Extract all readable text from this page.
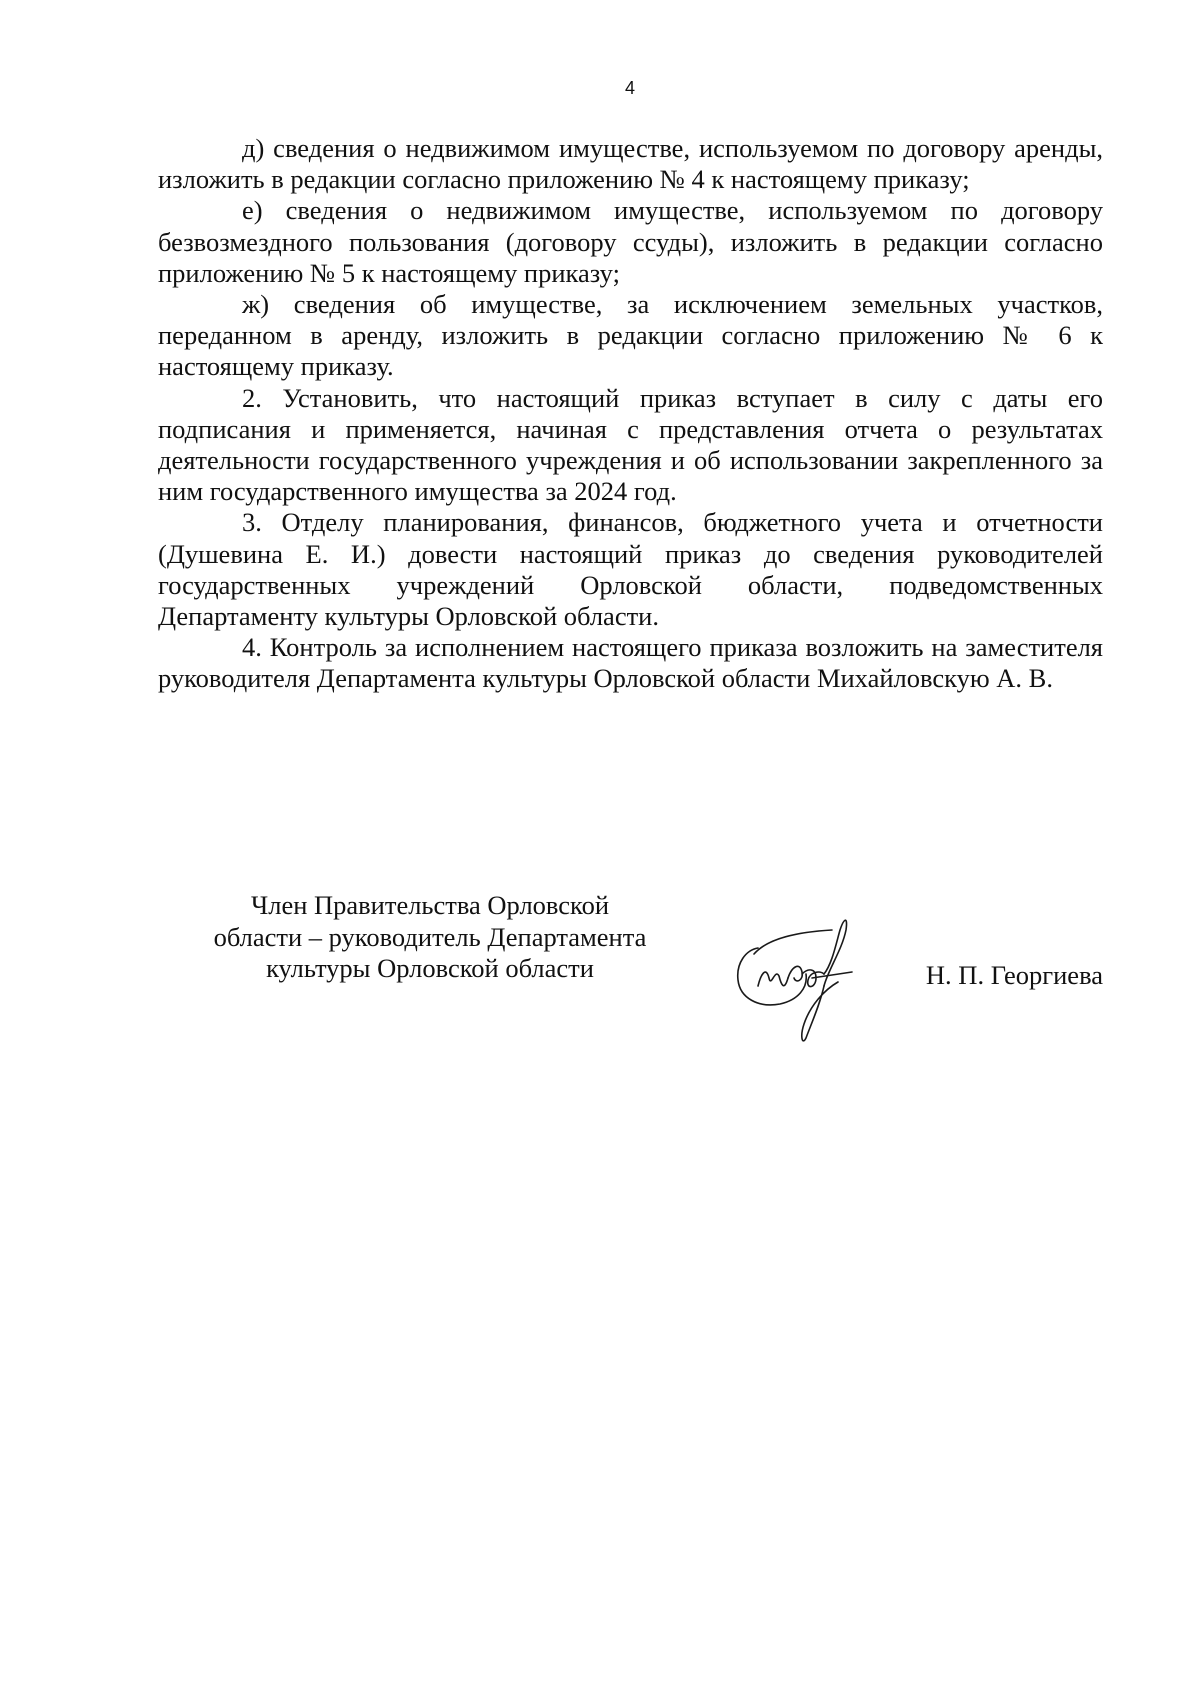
4

д) сведения о недвижимом имуществе, используемом по договору аренды, изложить в редакции согласно приложению № 4 к настоящему приказу;

е) сведения о недвижимом имуществе, используемом по договору безвозмездного пользования (договору ссуды), изложить в редакции согласно приложению № 5 к настоящему приказу;

ж) сведения об имуществе, за исключением земельных участков, переданном в аренду, изложить в редакции согласно приложению № 6 к настоящему приказу.

2. Установить, что настоящий приказ вступает в силу с даты его подписания и применяется, начиная с представления отчета о результатах деятельности государственного учреждения и об использовании закрепленного за ним государственного имущества за 2024 год.

3. Отделу планирования, финансов, бюджетного учета и отчетности (Душевина Е. И.) довести настоящий приказ до сведения руководителей государственных учреждений Орловской области, подведомственных Департаменту культуры Орловской области.

4. Контроль за исполнением настоящего приказа возложить на заместителя руководителя Департамента культуры Орловской области Михайловскую А. В.

Член Правительства Орловской
области – руководитель Департамента
культуры Орловской области	Н. П. Георгиева
